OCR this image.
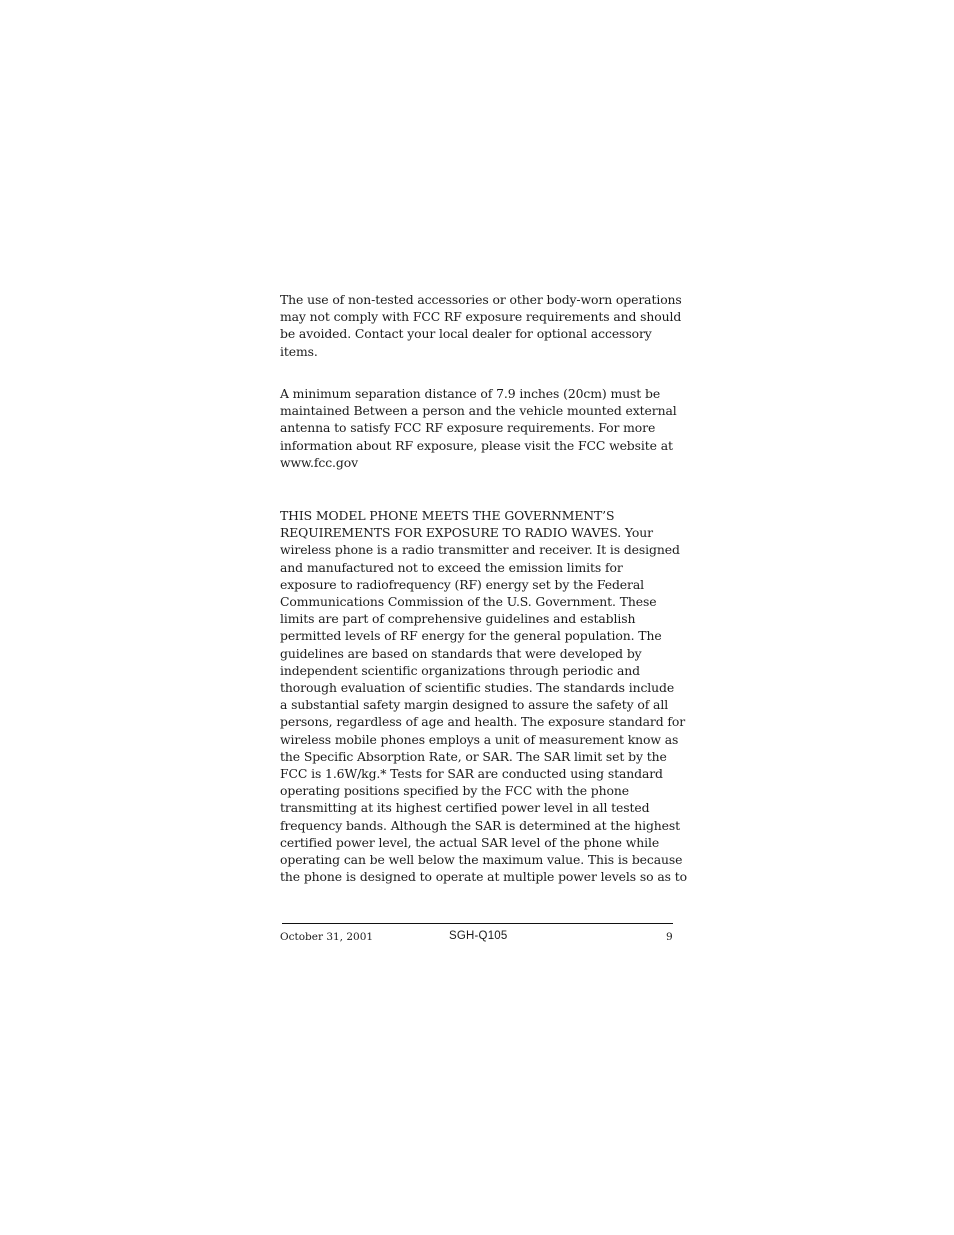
The use of non-tested accessories or other body-worn operations
may not comply with FCC RF exposure requirements and should
be avoided. Contact your local dealer for optional accessory
items.

A minimum separation distance of 7.9 inches (20cm) must be
maintained Between a person and the vehicle mounted external
antenna to satisfy FCC RF exposure requirements. For more
information about RF exposure, please visit the FCC website at
www.fcc.gov

THIS MODEL PHONE MEETS THE GOVERNMENT’S
REQUIREMENTS FOR EXPOSURE TO RADIO WAVES. Your
wireless phone is a radio transmitter and receiver. It is designed
and manufactured not to exceed the emission limits for
exposure to radiofrequency (RF) energy set by the Federal
Communications Commission of the U.S. Government. These
limits are part of comprehensive guidelines and establish
permitted levels of RF energy for the general population. The
guidelines are based on standards that were developed by
independent scientific organizations through periodic and
thorough evaluation of scientific studies. The standards include
a substantial safety margin designed to assure the safety of all
persons, regardless of age and health. The exposure standard for
wireless mobile phones employs a unit of measurement know as
the Specific Absorption Rate, or SAR. The SAR limit set by the
FCC is 1.6W/kg.* Tests for SAR are conducted using standard
operating positions specified by the FCC with the phone
transmitting at its highest certified power level in all tested
frequency bands. Although the SAR is determined at the highest
certified power level, the actual SAR level of the phone while
operating can be well below the maximum value. This is because
the phone is designed to operate at multiple power levels so as to

October 31, 2001	SGH-Q105	9
